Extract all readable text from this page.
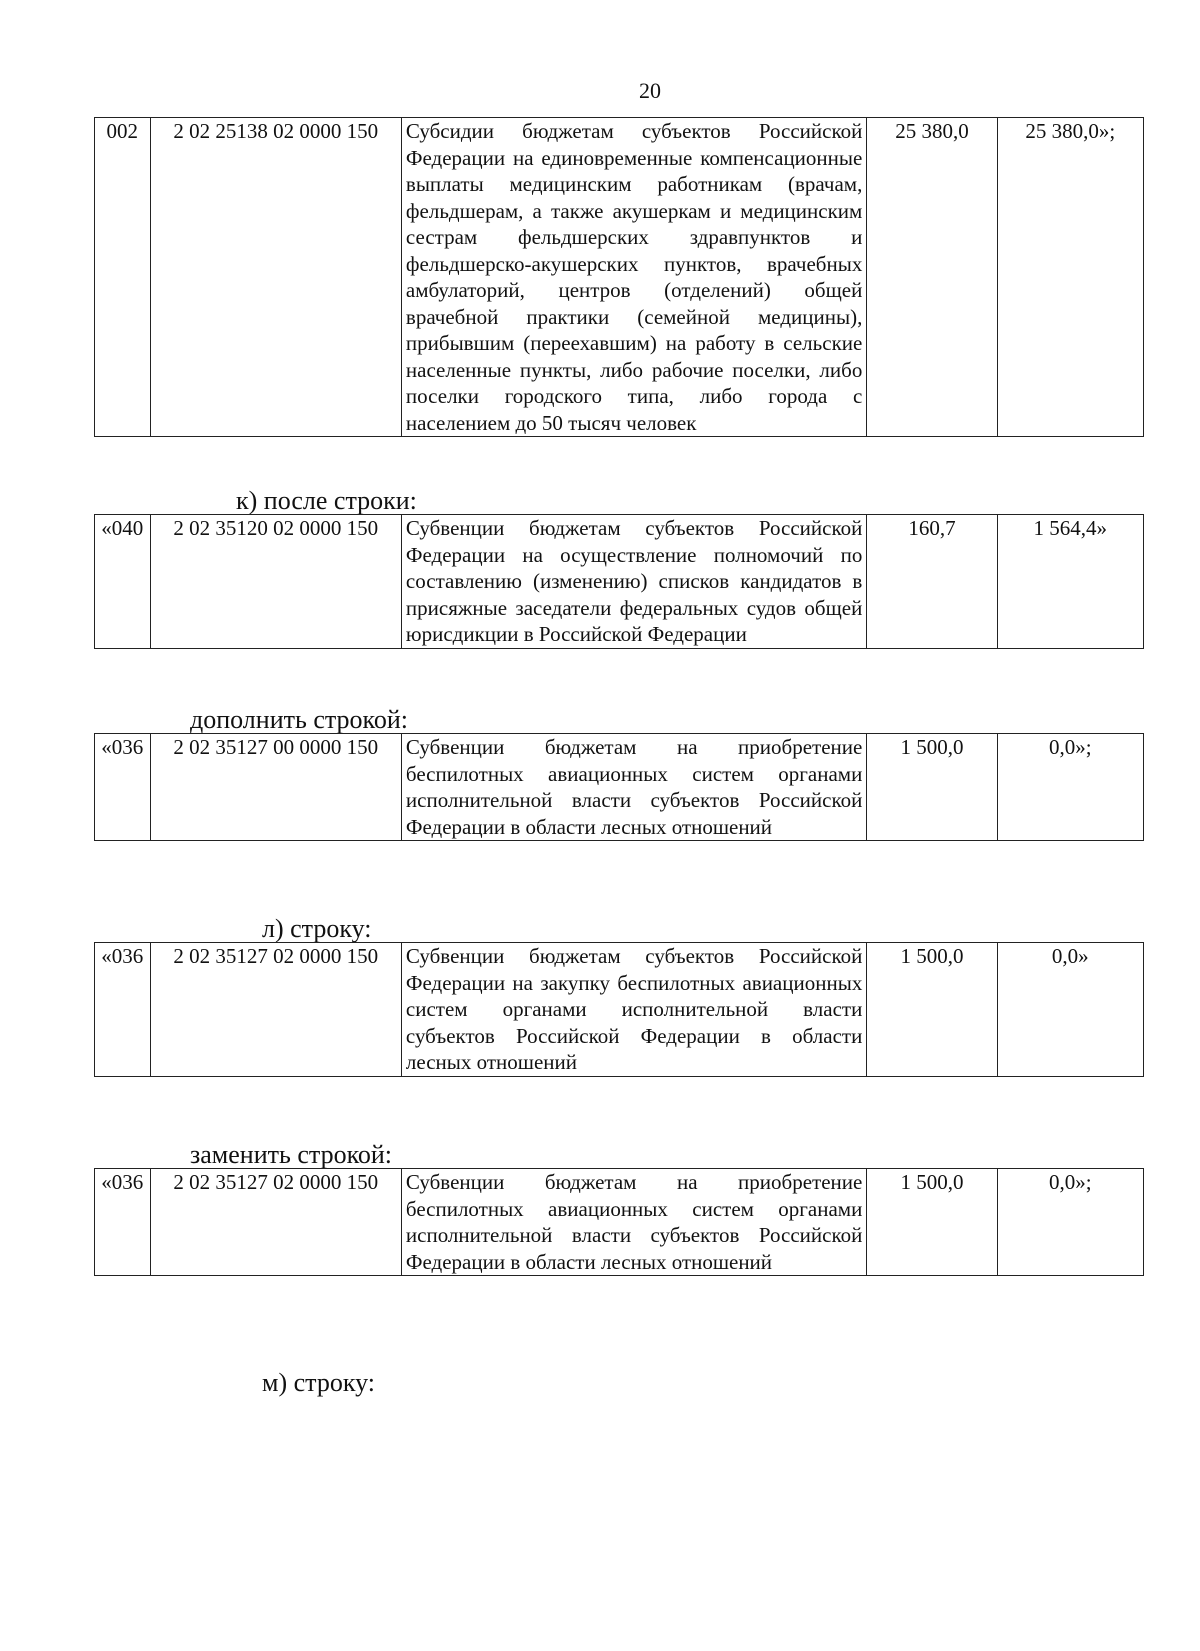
20
002	2 02 25138 02 0000 150	Субсидии бюджетам субъектов Российской Федерации на единовременные компенсационные выплаты медицинским работникам (врачам, фельдшерам, а также акушеркам и медицинским сестрам фельдшерских здравпунктов и фельдшерско-акушерских пунктов, врачебных амбулаторий, центров (отделений) общей врачебной практики (семейной медицины), прибывшим (переехавшим) на работу в сельские населенные пункты, либо рабочие поселки, либо поселки городского типа, либо города с населением до 50 тысяч человек	25 380,0	25 380,0»;
к) после строки:
«040	2 02 35120 02 0000 150	Субвенции бюджетам субъектов Российской Федерации на осуществление полномочий по составлению (изменению) списков кандидатов в присяжные заседатели федеральных судов общей юрисдикции в Российской Федерации	160,7	1 564,4»
дополнить строкой:
«036	2 02 35127 00 0000 150	Субвенции бюджетам на приобретение беспилотных авиационных систем органами исполнительной власти субъектов Российской Федерации в области лесных отношений	1 500,0	0,0»;
л) строку:
«036	2 02 35127 02 0000 150	Субвенции бюджетам субъектов Российской Федерации на закупку беспилотных авиационных систем органами исполнительной власти субъектов Российской Федерации в области лесных отношений	1 500,0	0,0»
заменить строкой:
«036	2 02 35127 02 0000 150	Субвенции бюджетам на приобретение беспилотных авиационных систем органами исполнительной власти субъектов Российской Федерации в области лесных отношений	1 500,0	0,0»;
м) строку:
